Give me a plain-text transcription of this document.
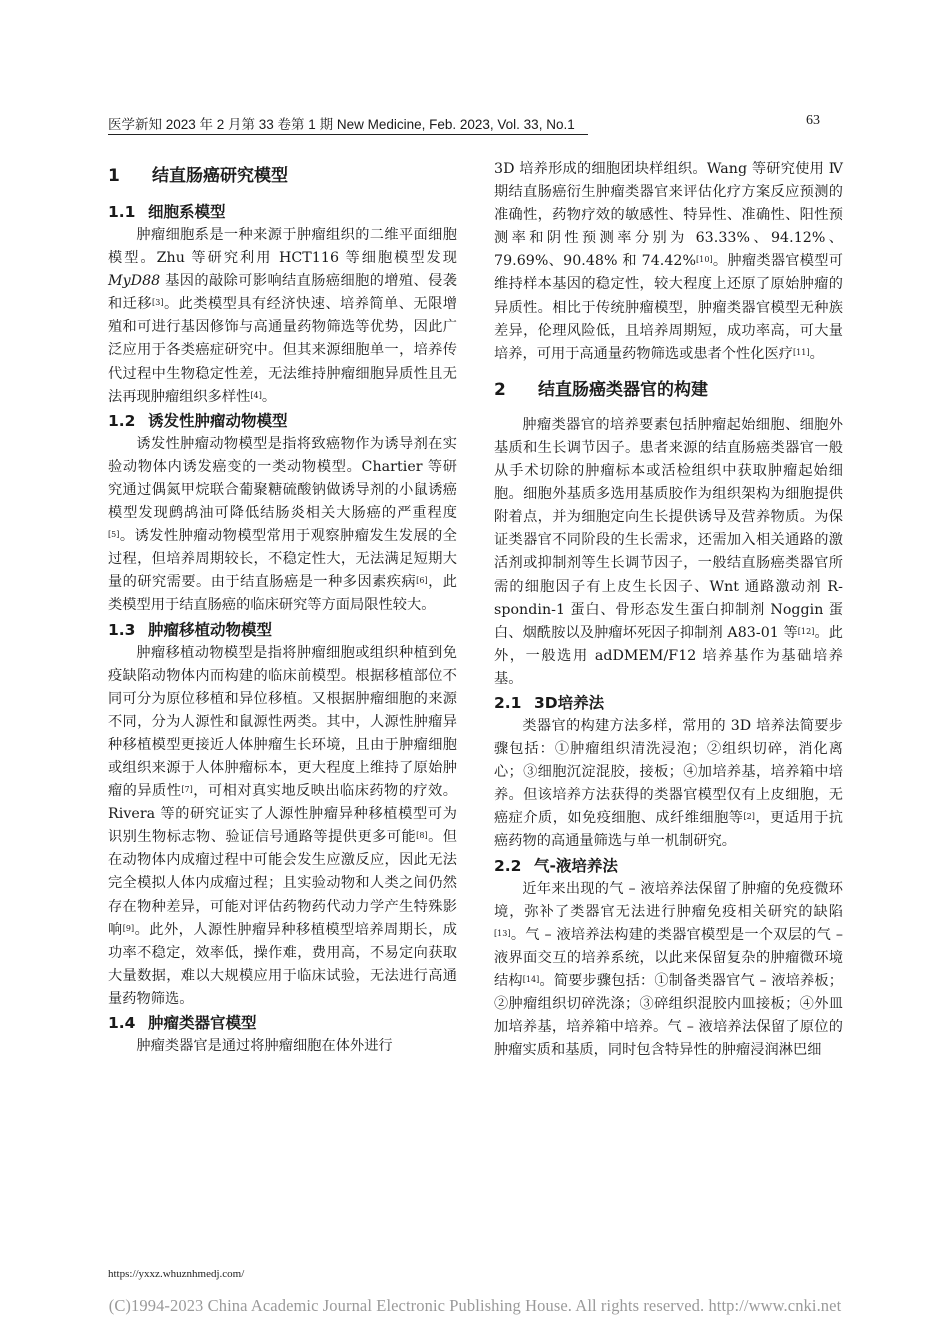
医学新知 2023 年 2 月第 33 卷第 1 期 New Medicine, Feb. 2023, Vol. 33, No.1	63
1 结直肠癌研究模型
1.1 细胞系模型

肿瘤细胞系是一种来源于肿瘤组织的二维平面细胞模型。Zhu 等研究利用 HCT116 等细胞模型发现 MyD88 基因的敲除可影响结直肠癌细胞的增殖、侵袭和迁移[3]。此类模型具有经济快速、培养简单、无限增殖和可进行基因修饰与高通量药物筛选等优势，因此广泛应用于各类癌症研究中。但其来源细胞单一，培养传代过程中生物稳定性差，无法维持肿瘤细胞异质性且无法再现肿瘤组织多样性[4]。

1.2 诱发性肿瘤动物模型

诱发性肿瘤动物模型是指将致癌物作为诱导剂在实验动物体内诱发癌变的一类动物模型。Chartier 等研究通过偶氮甲烷联合葡聚糖硫酸钠做诱导剂的小鼠诱癌模型发现鹧鸪油可降低结肠炎相关大肠癌的严重程度[5]。诱发性肿瘤动物模型常用于观察肿瘤发生发展的全过程，但培养周期较长，不稳定性大，无法满足短期大量的研究需要。由于结直肠癌是一种多因素疾病[6]，此类模型用于结直肠癌的临床研究等方面局限性较大。

1.3 肿瘤移植动物模型

肿瘤移植动物模型是指将肿瘤细胞或组织种植到免疫缺陷动物体内而构建的临床前模型。根据移植部位不同可分为原位移植和异位移植。又根据肿瘤细胞的来源不同，分为人源性和鼠源性两类。其中，人源性肿瘤异种移植模型更接近人体肿瘤生长环境，且由于肿瘤细胞或组织来源于人体肿瘤标本，更大程度上维持了原始肿瘤的异质性[7]，可相对真实地反映出临床药物的疗效。Rivera 等的研究证实了人源性肿瘤异种移植模型可为识别生物标志物、验证信号通路等提供更多可能[8]。但在动物体内成瘤过程中可能会发生应激反应，因此无法完全模拟人体内成瘤过程；且实验动物和人类之间仍然存在物种差异，可能对评估药物药代动力学产生特殊影响[9]。此外，人源性肿瘤异种移植模型培养周期长，成功率不稳定，效率低，操作难，费用高，不易定向获取大量数据，难以大规模应用于临床试验，无法进行高通量药物筛选。

1.4 肿瘤类器官模型

肿瘤类器官是通过将肿瘤细胞在体外进行

3D 培养形成的细胞团块样组织。Wang 等研究使用 Ⅳ 期结直肠癌衍生肿瘤类器官来评估化疗方案反应预测的准确性，药物疗效的敏感性、特异性、准确性、阳性预测率和阴性预测率分别为 63.33%、94.12%、79.69%、90.48% 和 74.42%[10]。肿瘤类器官模型可维持样本基因的稳定性，较大程度上还原了原始肿瘤的异质性。相比于传统肿瘤模型，肿瘤类器官模型无种族差异，伦理风险低，且培养周期短，成功率高，可大量培养，可用于高通量药物筛选或患者个性化医疗[11]。

2 结直肠癌类器官的构建

肿瘤类器官的培养要素包括肿瘤起始细胞、细胞外基质和生长调节因子。患者来源的结直肠癌类器官一般从手术切除的肿瘤标本或活检组织中获取肿瘤起始细胞。细胞外基质多选用基质胶作为组织架构为细胞提供附着点，并为细胞定向生长提供诱导及营养物质。为保证类器官不同阶段的生长需求，还需加入相关通路的激活剂或抑制剂等生长调节因子，一般结直肠癌类器官所需的细胞因子有上皮生长因子、Wnt 通路激动剂 R-spondin-1 蛋白、骨形态发生蛋白抑制剂 Noggin 蛋白、烟酰胺以及肿瘤坏死因子抑制剂 A83-01 等[12]。此外，一般选用 adDMEM/F12 培养基作为基础培养基。

2.1 3D培养法

类器官的构建方法多样，常用的 3D 培养法简要步骤包括：①肿瘤组织清洗浸泡；②组织切碎，消化离心；③细胞沉淀混胶，接板；④加培养基，培养箱中培养。但该培养方法获得的类器官模型仅有上皮细胞，无癌症介质，如免疫细胞、成纤维细胞等[2]，更适用于抗癌药物的高通量筛选与单一机制研究。

2.2 气-液培养法

近年来出现的气 – 液培养法保留了肿瘤的免疫微环境，弥补了类器官无法进行肿瘤免疫相关研究的缺陷[13]。气 – 液培养法构建的类器官模型是一个双层的气 – 液界面交互的培养系统，以此来保留复杂的肿瘤微环境结构[14]。简要步骤包括：①制备类器官气 – 液培养板；②肿瘤组织切碎洗涤；③碎组织混胶内皿接板；④外皿加培养基，培养箱中培养。气 – 液培养法保留了原位的肿瘤实质和基质，同时包含特异性的肿瘤浸润淋巴细

https://yxxz.whuznhmedj.com/
(C)1994-2023 China Academic Journal Electronic Publishing House. All rights reserved. http://www.cnki.net
